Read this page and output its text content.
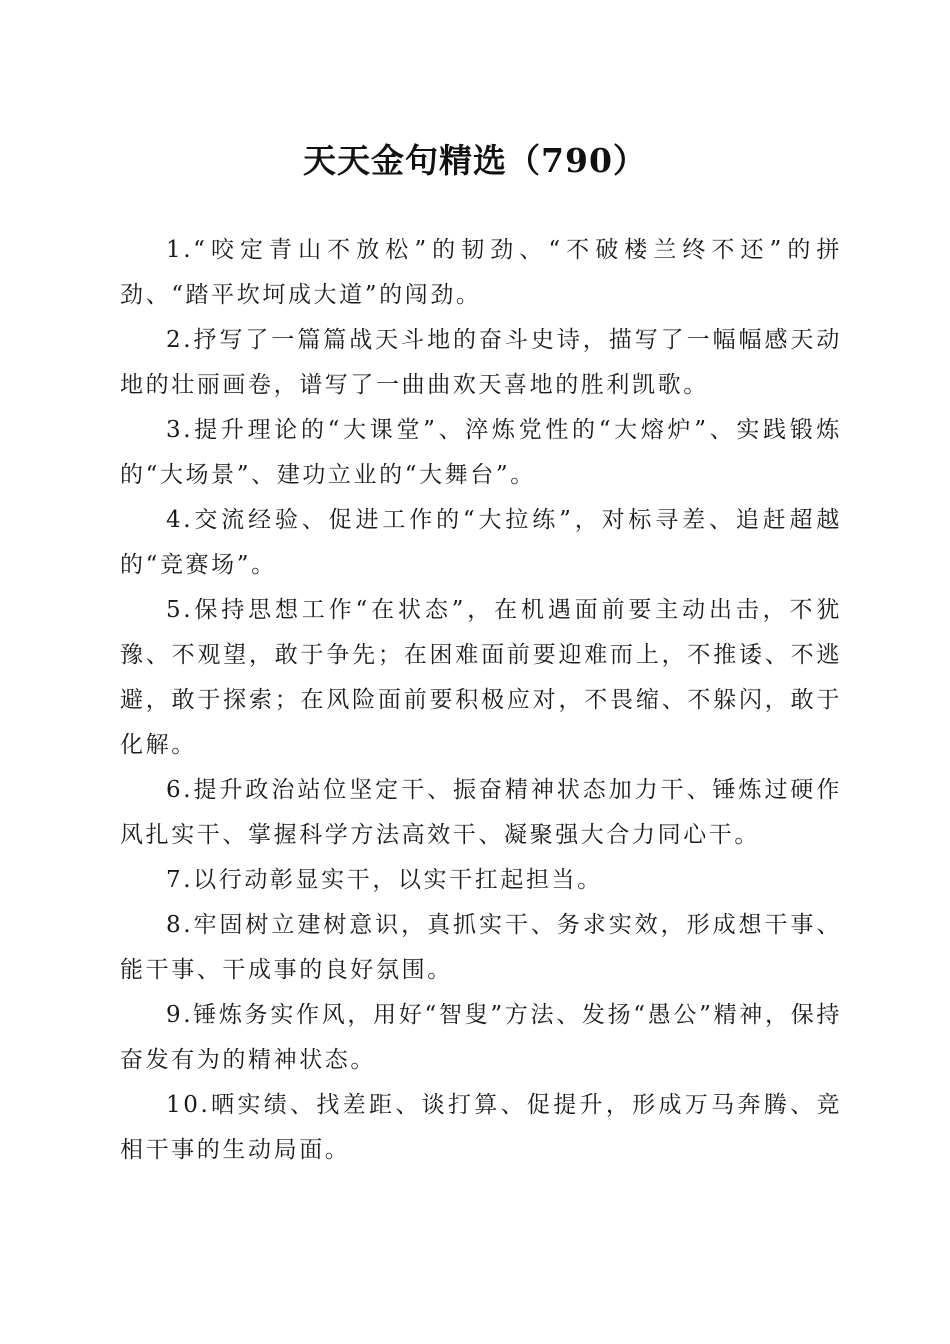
天天金句精选（790）

1.“咬定青山不放松”的韧劲、“不破楼兰终不还”的拼劲、“踏平坎坷成大道”的闯劲。

2.抒写了一篇篇战天斗地的奋斗史诗，描写了一幅幅感天动地的壮丽画卷，谱写了一曲曲欢天喜地的胜利凯歌。

3.提升理论的“大课堂”、淬炼党性的“大熔炉”、实践锻炼的“大场景”、建功立业的“大舞台”。

4.交流经验、促进工作的“大拉练”，对标寻差、追赶超越的“竞赛场”。

5.保持思想工作“在状态”，在机遇面前要主动出击，不犹豫、不观望，敢于争先；在困难面前要迎难而上，不推诿、不逃避，敢于探索；在风险面前要积极应对，不畏缩、不躲闪，敢于化解。

6.提升政治站位坚定干、振奋精神状态加力干、锤炼过硬作风扎实干、掌握科学方法高效干、凝聚强大合力同心干。

7.以行动彰显实干，以实干扛起担当。

8.牢固树立建树意识，真抓实干、务求实效，形成想干事、能干事、干成事的良好氛围。

9.锤炼务实作风，用好“智叟”方法、发扬“愚公”精神，保持奋发有为的精神状态。

10.晒实绩、找差距、谈打算、促提升，形成万马奔腾、竞相干事的生动局面。
